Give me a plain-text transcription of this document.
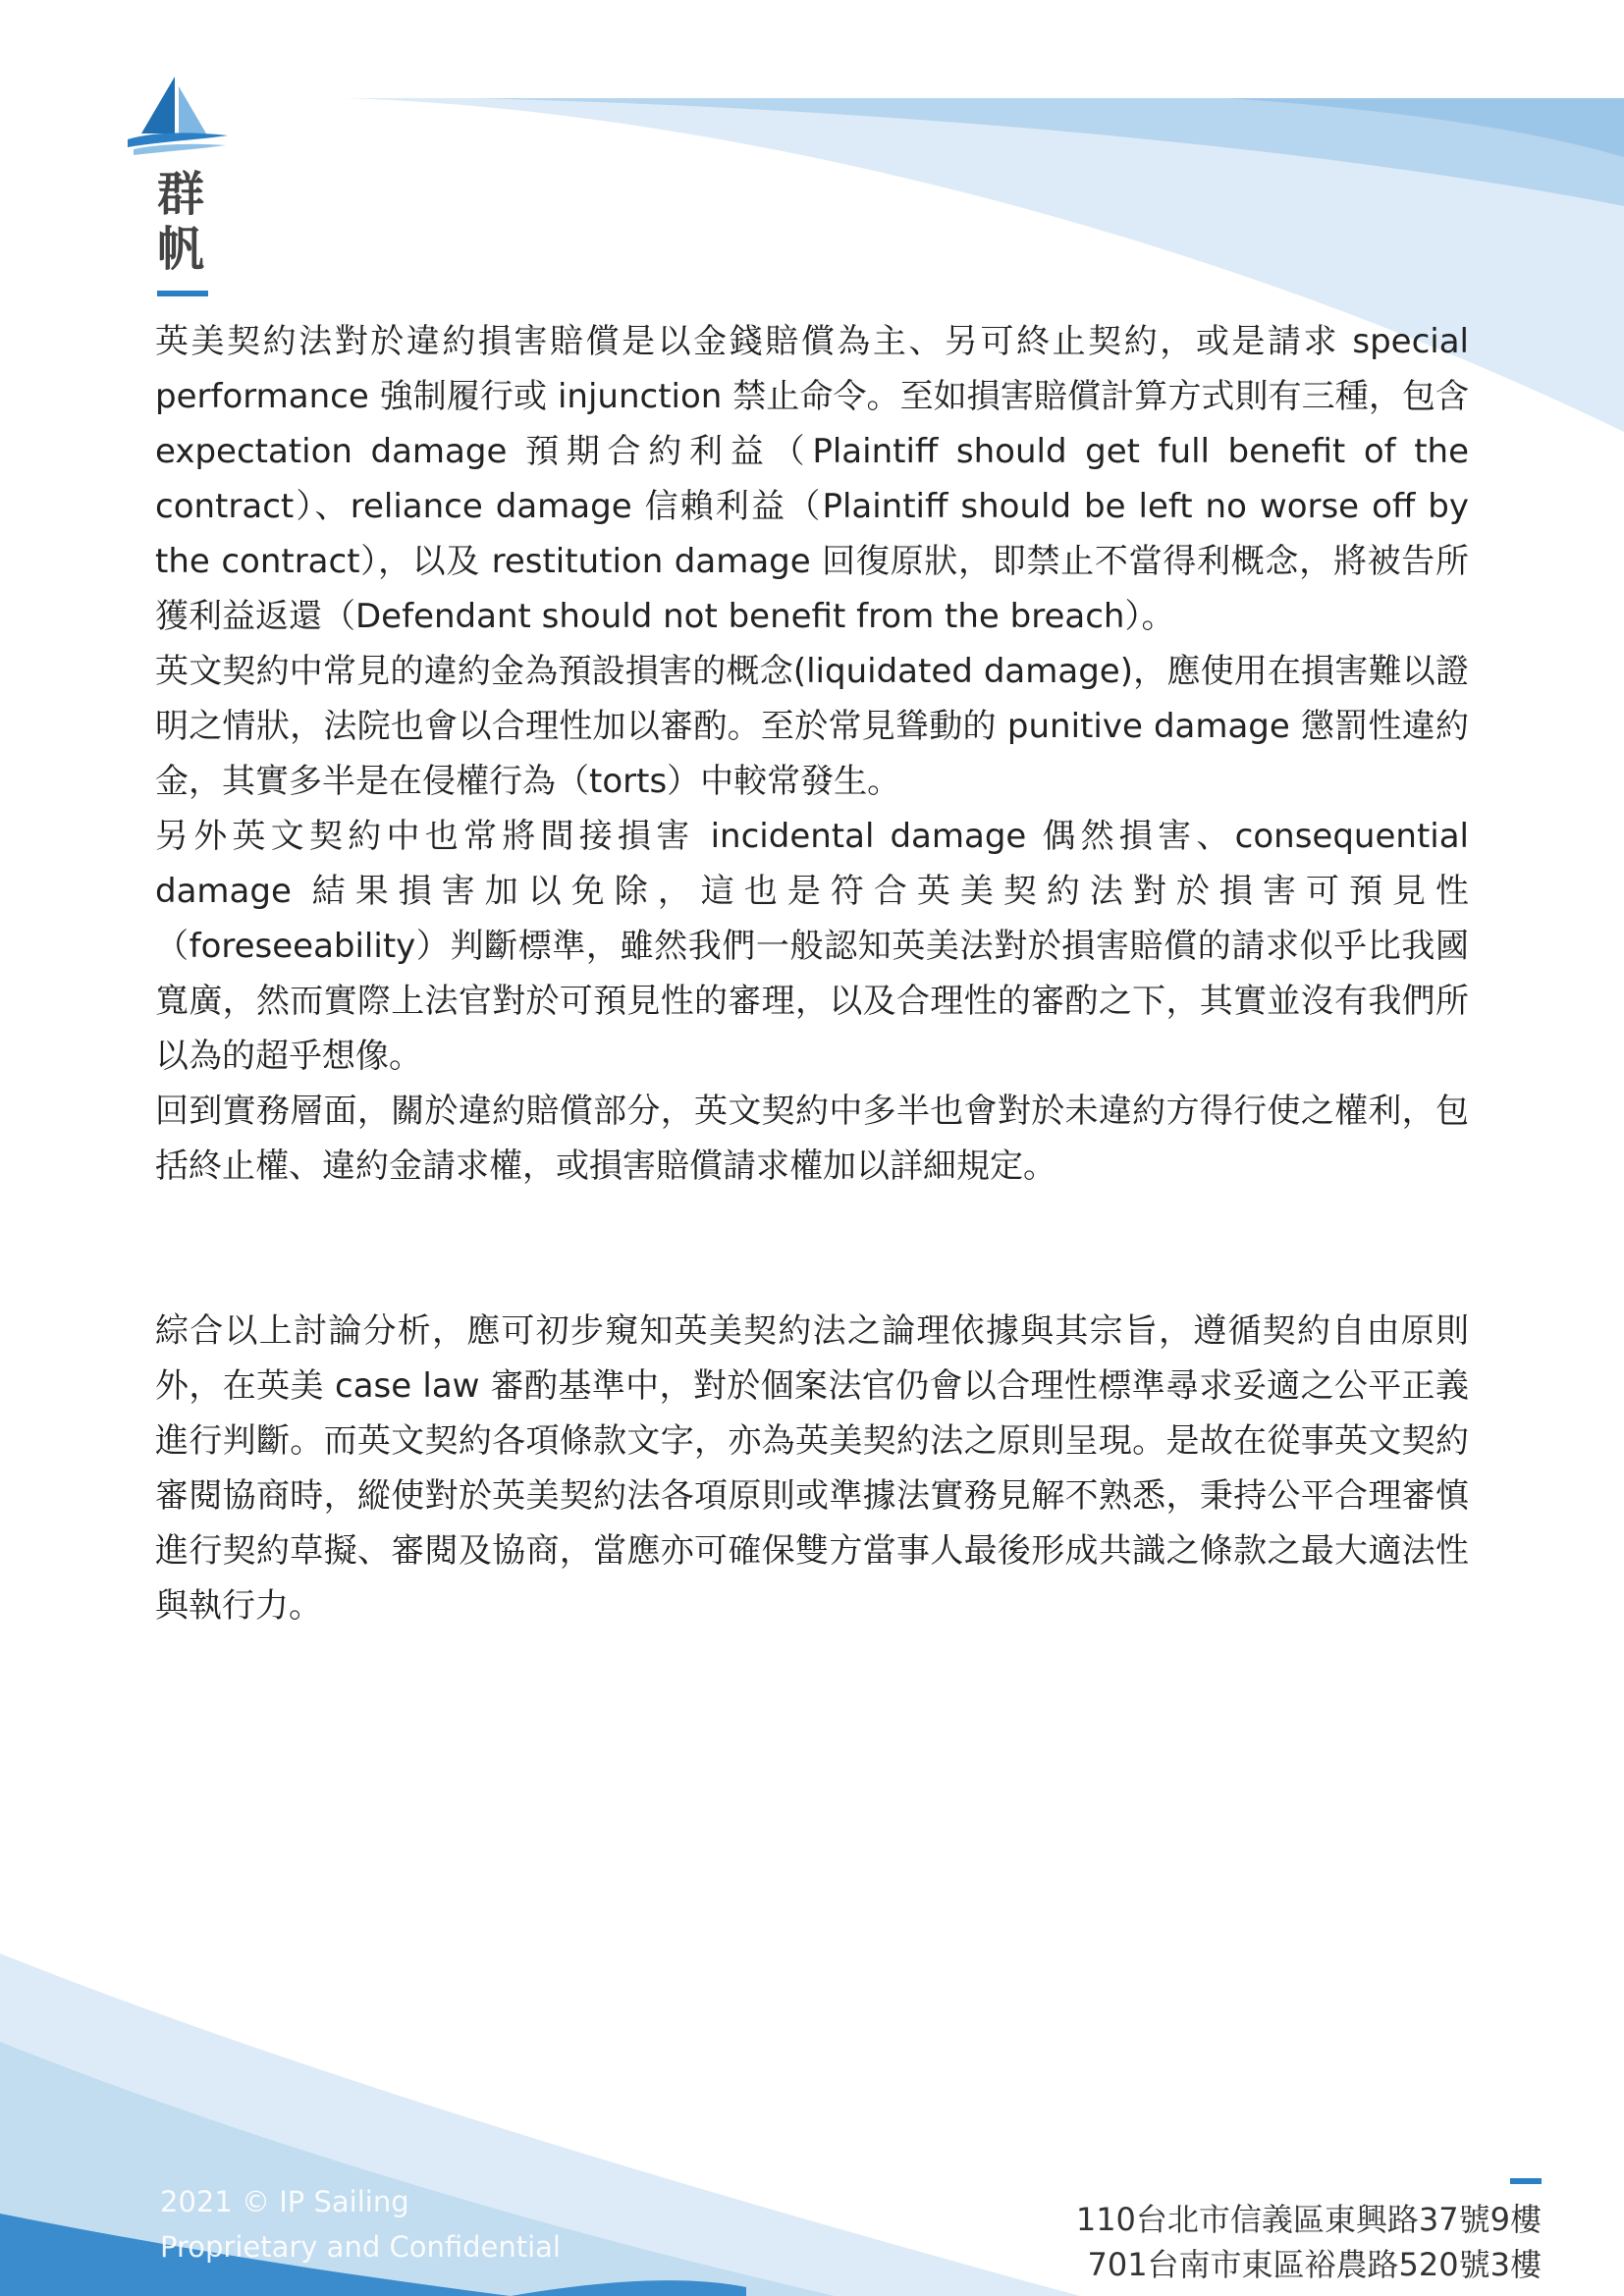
群
帆

英美契約法對於違約損害賠償是以金錢賠償為主、另可終止契約，或是請求 special performance 強制履行或 injunction 禁止命令。至如損害賠償計算方式則有三種，包含 expectation damage 預期合約利益（Plaintiff should get full benefit of the contract）、reliance damage 信賴利益（Plaintiff should be left no worse off by the contract），以及 restitution damage 回復原狀，即禁止不當得利概念，將被告所獲利益返還（Defendant should not benefit from the breach）。

英文契約中常見的違約金為預設損害的概念(liquidated damage)，應使用在損害難以證明之情狀，法院也會以合理性加以審酌。至於常見聳動的 punitive damage 懲罰性違約金，其實多半是在侵權行為（torts）中較常發生。

另外英文契約中也常將間接損害 incidental damage 偶然損害、consequential damage 結果損害加以免除，這也是符合英美契約法對於損害可預見性（foreseeability）判斷標準，雖然我們一般認知英美法對於損害賠償的請求似乎比我國寬廣，然而實際上法官對於可預見性的審理，以及合理性的審酌之下，其實並沒有我們所以為的超乎想像。

回到實務層面，關於違約賠償部分，英文契約中多半也會對於未違約方得行使之權利，包括終止權、違約金請求權，或損害賠償請求權加以詳細規定。

綜合以上討論分析，應可初步窺知英美契約法之論理依據與其宗旨，遵循契約自由原則外，在英美 case law 審酌基準中，對於個案法官仍會以合理性標準尋求妥適之公平正義進行判斷。而英文契約各項條款文字，亦為英美契約法之原則呈現。是故在從事英文契約審閱協商時，縱使對於英美契約法各項原則或準據法實務見解不熟悉，秉持公平合理審慎進行契約草擬、審閱及協商，當應亦可確保雙方當事人最後形成共識之條款之最大適法性與執行力。

2021 © IP Sailing
Proprietary and Confidential
110台北市信義區東興路37號9樓
701台南市東區裕農路520號3樓
